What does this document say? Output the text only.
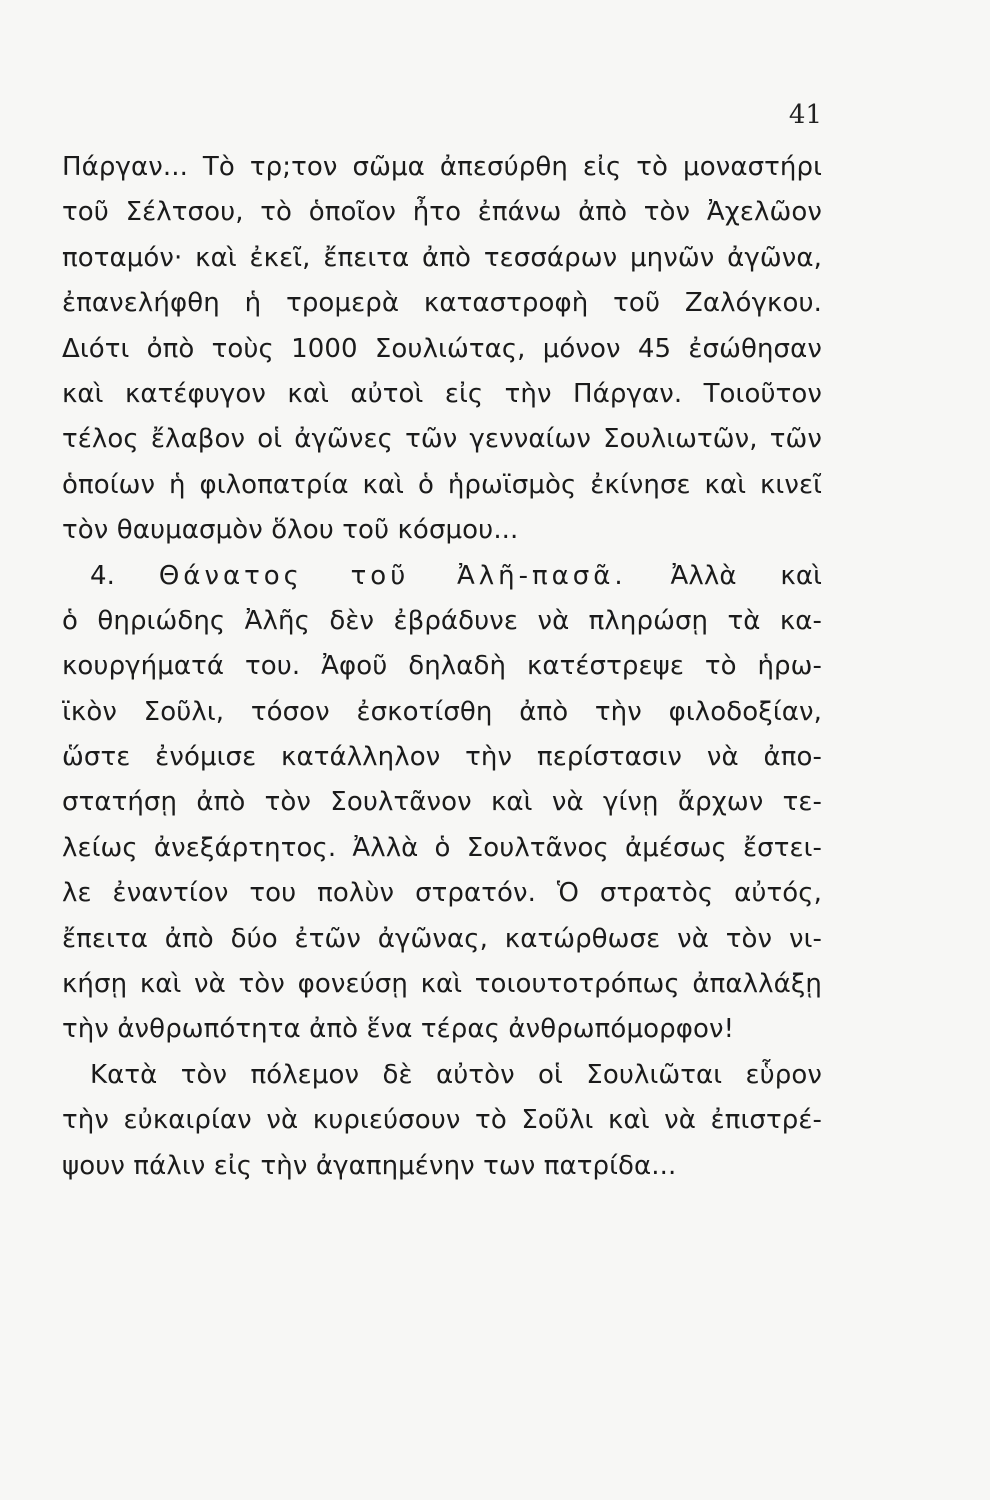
41
Πάργαν... Τὸ τρ;τον σῶμα ἀπεσύρθη εἰς τὸ μοναστήρι
τοῦ Σέλτσου, τὸ ὁποῖον ἦτο ἐπάνω ἀπὸ τὸν Ἀχελῶον
ποταμόν· καὶ ἐκεῖ, ἔπειτα ἀπὸ τεσσάρων μηνῶν ἀγῶνα,
ἐπανελήφθη ἡ τρομερὰ καταστροφὴ τοῦ Ζαλόγκου.
Διότι ὀπὸ τοὺς 1000 Σουλιώτας, μόνον 45 ἐσώθησαν
καὶ κατέφυγον καὶ αὐτοὶ εἰς τὴν Πάργαν. Τοιοῦτον
τέλος ἔλαβον οἱ ἀγῶνες τῶν γενναίων Σουλιωτῶν, τῶν
ὁποίων ἡ φιλοπατρία καὶ ὁ ἡρωϊσμὸς ἐκίνησε καὶ κινεῖ
τὸν θαυμασμὸν ὅλου τοῦ κόσμου...
4. Θάνατος τοῦ Ἀλῆ-πασᾶ. Ἀλλὰ καὶ
ὁ θηριώδης Ἀλῆς δὲν ἐβράδυνε νὰ πληρώσῃ τὰ κα-
κουργήματά του. Ἀφοῦ δηλαδὴ κατέστρεψε τὸ ἡρω-
ϊκὸν Σοῦλι, τόσον ἐσκοτίσθη ἀπὸ τὴν φιλοδοξίαν,
ὥστε ἐνόμισε κατάλληλον τὴν περίστασιν νὰ ἀπο-
στατήσῃ ἀπὸ τὸν Σουλτᾶνον καὶ νὰ γίνῃ ἄρχων τε-
λείως ἀνεξάρτητος. Ἀλλὰ ὁ Σουλτᾶνος ἀμέσως ἔστει-
λε ἐναντίον του πολὺν στρατόν. Ὁ στρατὸς αὐτός,
ἔπειτα ἀπὸ δύο ἐτῶν ἀγῶνας, κατώρθωσε νὰ τὸν νι-
κήσῃ καὶ νὰ τὸν φονεύσῃ καὶ τοιουτοτρόπως ἀπαλλάξῃ
τὴν ἀνθρωπότητα ἀπὸ ἕνα τέρας ἀνθρωπόμορφον!
Κατὰ τὸν πόλεμον δὲ αὐτὸν οἱ Σουλιῶται εὗρον
τὴν εὐκαιρίαν νὰ κυριεύσουν τὸ Σοῦλι καὶ νὰ ἐπιστρέ-
ψουν πάλιν εἰς τὴν ἀγαπημένην των πατρίδα...
